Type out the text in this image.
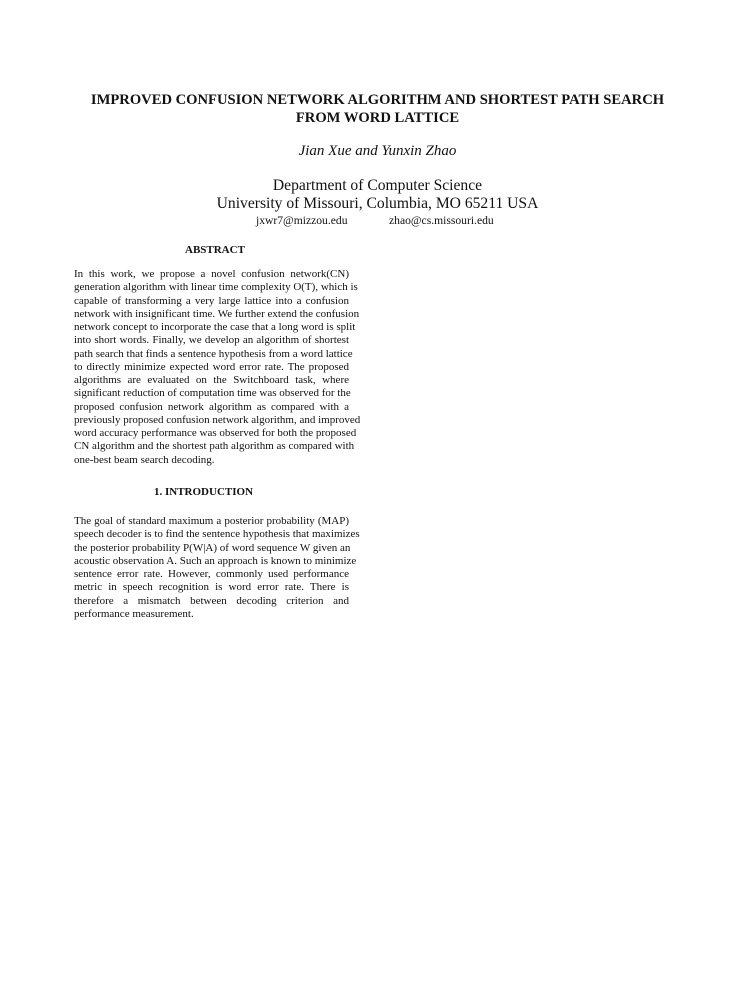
IMPROVED CONFUSION NETWORK ALGORITHM AND SHORTEST PATH SEARCH
FROM WORD LATTICE
Jian Xue and Yunxin Zhao
Department of Computer Science
University of Missouri, Columbia, MO 65211 USA
jxwr7@mizzou.edu	zhao@cs.missouri.edu
ABSTRACT
In this work, we propose a novel confusion network(CN)
generation algorithm with linear time complexity O(T), which is
capable of transforming a very large lattice into a confusion
network with insignificant time. We further extend the confusion
network concept to incorporate the case that a long word is split
into short words. Finally, we develop an algorithm of shortest
path search that finds a sentence hypothesis from a word lattice
to directly minimize expected word error rate. The proposed
algorithms are evaluated on the Switchboard task, where
significant reduction of computation time was observed for the
proposed confusion network algorithm as compared with a
previously proposed confusion network algorithm, and improved
word accuracy performance was observed for both the proposed
CN algorithm and the shortest path algorithm as compared with
one-best beam search decoding.
1. INTRODUCTION
The goal of standard maximum a posterior probability (MAP)
speech decoder is to find the sentence hypothesis that maximizes
the posterior probability P(W|A) of word sequence W given an
acoustic observation A. Such an approach is known to minimize
sentence error rate. However, commonly used performance
metric in speech recognition is word error rate. There is
therefore a mismatch between decoding criterion and
performance measurement.
